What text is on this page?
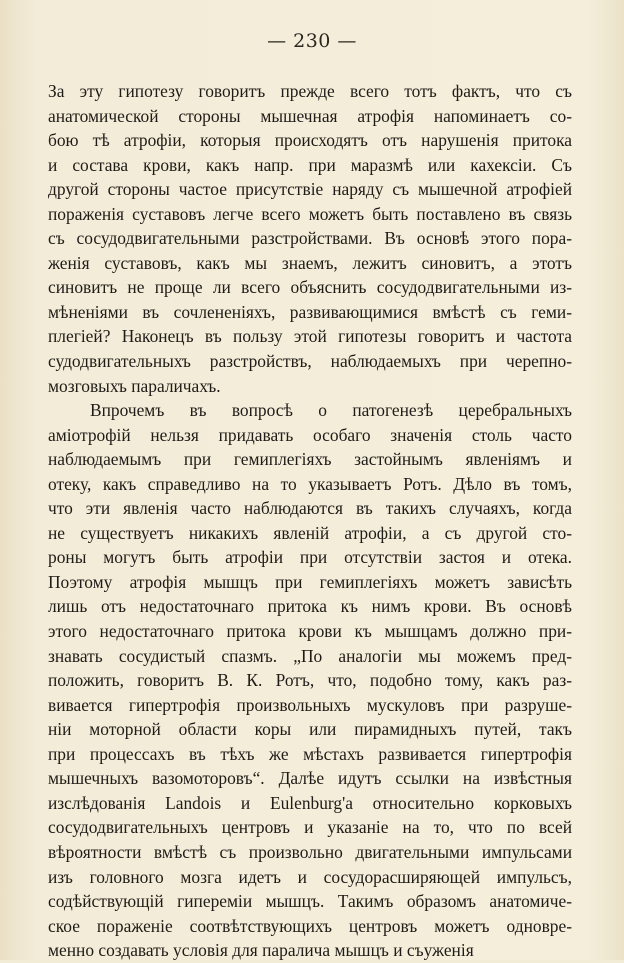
— 230 —
За эту гипотезу говоритъ прежде всего тотъ фактъ, что съ
анатомической стороны мышечная атрофія напоминаетъ со-
бою тѣ атрофіи, которыя происходятъ отъ нарушенія притока
и состава крови, какъ напр. при маразмѣ или кахексіи. Съ
другой стороны частое присутствіе наряду съ мышечной атрофіей
пораженія суставовъ легче всего можетъ быть поставлено въ связь
съ сосудодвигательными разстройствами. Въ основѣ этого пора-
женія суставовъ, какъ мы знаемъ, лежитъ синовитъ, а этотъ
синовитъ не проще ли всего объяснить сосудодвигательными из-
мѣненіями въ сочлененіяхъ, развивающимися вмѣстѣ съ геми-
плегіей? Наконецъ въ пользу этой гипотезы говоритъ и частота
судодвигательныхъ разстройствъ, наблюдаемыхъ при черепно-
мозговыхъ параличахъ.
Впрочемъ въ вопросѣ о патогенезѣ церебральныхъ
аміотрофій нельзя придавать особаго значенія столь часто
наблюдаемымъ при гемиплегіяхъ застойнымъ явленіямъ и
отеку, какъ справедливо на то указываетъ Ротъ. Дѣло въ томъ,
что эти явленія часто наблюдаются въ такихъ случаяхъ, когда
не существуетъ никакихъ явленій атрофіи, а съ другой сто-
роны могутъ быть атрофіи при отсутствіи застоя и отека.
Поэтому атрофія мышцъ при гемиплегіяхъ можетъ зависѣть
лишь отъ недостаточнаго притока къ нимъ крови. Въ основѣ
этого недостаточнаго притока крови къ мышцамъ должно при-
знавать сосудистый спазмъ. „По аналогіи мы можемъ пред-
положить, говоритъ В. К. Ротъ, что, подобно тому, какъ раз-
вивается гипертрофія произвольныхъ мускуловъ при разруше-
ніи моторной области коры или пирамидныхъ путей, такъ
при процессахъ въ тѣхъ же мѣстахъ развивается гипертрофія
мышечныхъ вазомоторовъ“. Далѣе идутъ ссылки на извѣстныя
изслѣдованія Landois и Eulenburg'а относительно корковыхъ
сосудодвигательныхъ центровъ и указаніе на то, что по всей
вѣроятности вмѣстѣ съ произвольно двигательными импульсами
изъ головного мозга идетъ и сосудорасширяющей импульсъ,
содѣйствующій гипереміи мышцъ. Такимъ образомъ анатомиче-
ское пораженіе соотвѣтствующихъ центровъ можетъ одновре-
менно создавать условія для паралича мышцъ и съуженія
